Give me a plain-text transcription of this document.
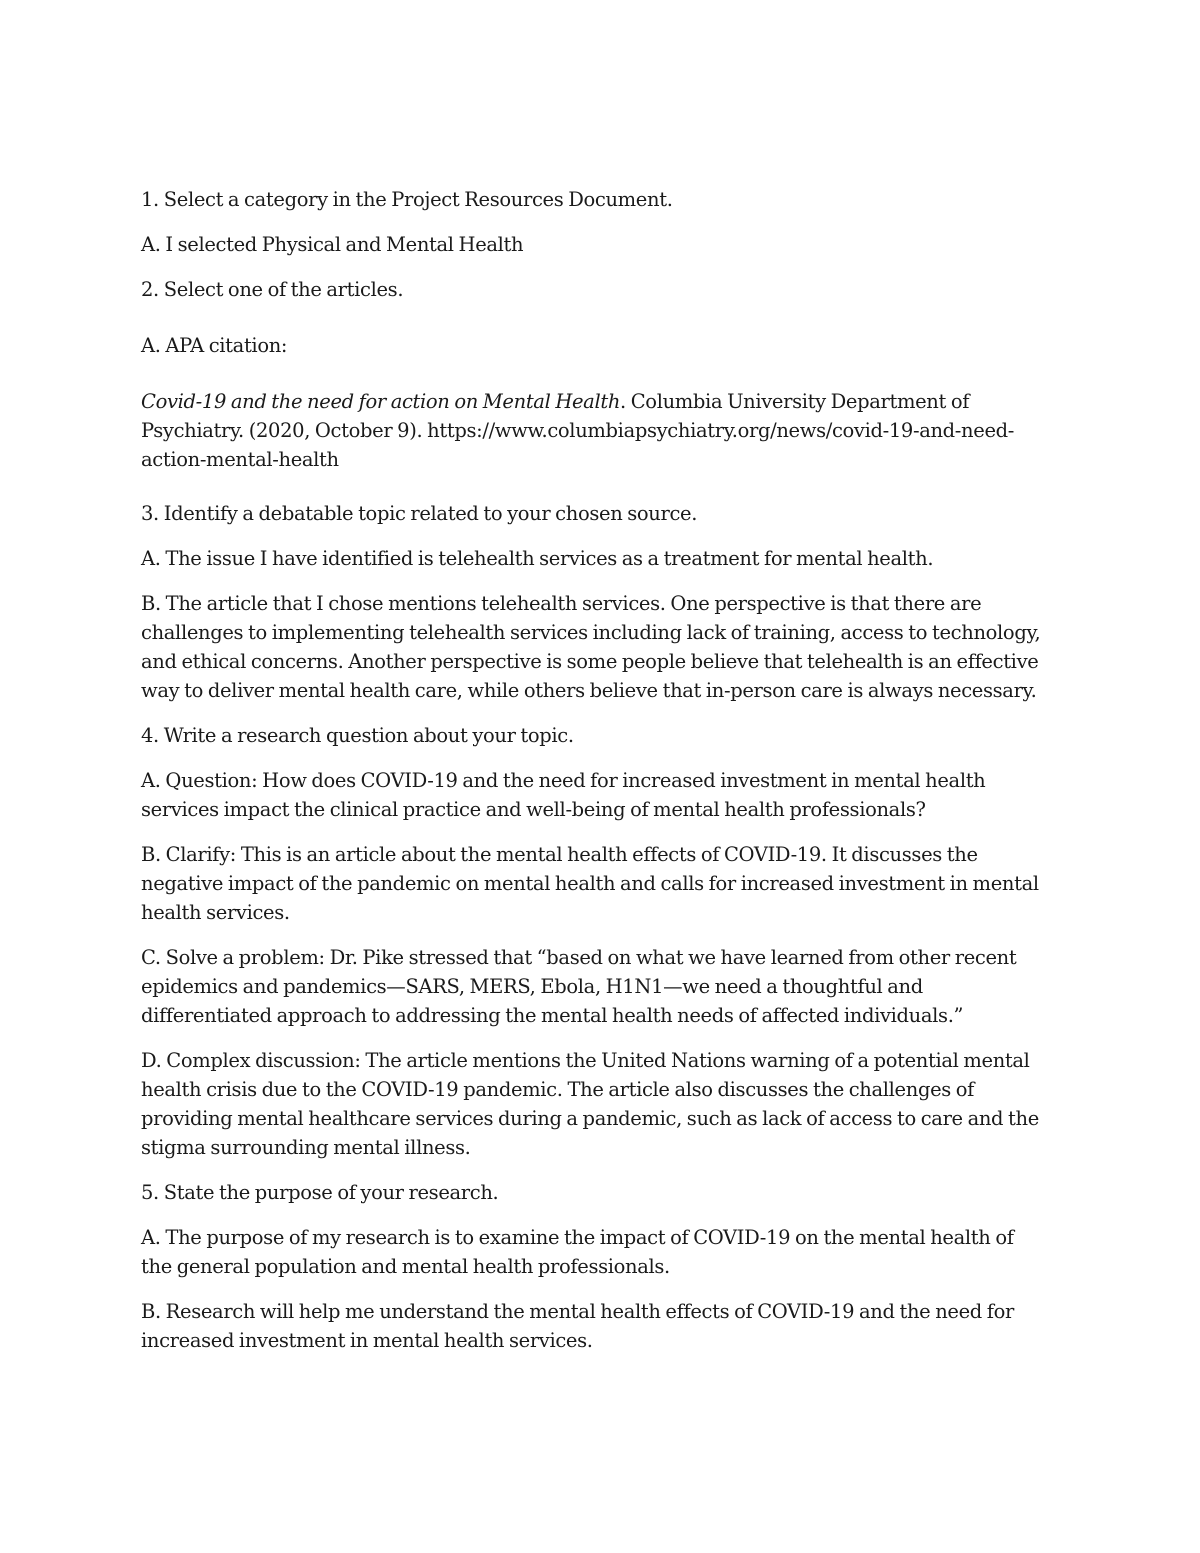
1. Select a category in the Project Resources Document.

A. I selected Physical and Mental Health

2. Select one of the articles.

A. APA citation:

Covid-19 and the need for action on Mental Health. Columbia University Department of Psychiatry. (2020, October 9). https://www.columbiapsychiatry.org/news/covid-19-and-need-action-mental-health

3. Identify a debatable topic related to your chosen source.

A. The issue I have identified is telehealth services as a treatment for mental health.

B. The article that I chose mentions telehealth services. One perspective is that there are challenges to implementing telehealth services including lack of training, access to technology, and ethical concerns. Another perspective is some people believe that telehealth is an effective way to deliver mental health care, while others believe that in-person care is always necessary.

4. Write a research question about your topic.

A. Question: How does COVID-19 and the need for increased investment in mental health services impact the clinical practice and well-being of mental health professionals?

B. Clarify: This is an article about the mental health effects of COVID-19. It discusses the negative impact of the pandemic on mental health and calls for increased investment in mental health services.

C. Solve a problem: Dr. Pike stressed that “based on what we have learned from other recent epidemics and pandemics—SARS, MERS, Ebola, H1N1—we need a thoughtful and differentiated approach to addressing the mental health needs of affected individuals.”

D. Complex discussion: The article mentions the United Nations warning of a potential mental health crisis due to the COVID-19 pandemic. The article also discusses the challenges of providing mental healthcare services during a pandemic, such as lack of access to care and the stigma surrounding mental illness.

5. State the purpose of your research.

A. The purpose of my research is to examine the impact of COVID-19 on the mental health of the general population and mental health professionals.

B. Research will help me understand the mental health effects of COVID-19 and the need for increased investment in mental health services.
